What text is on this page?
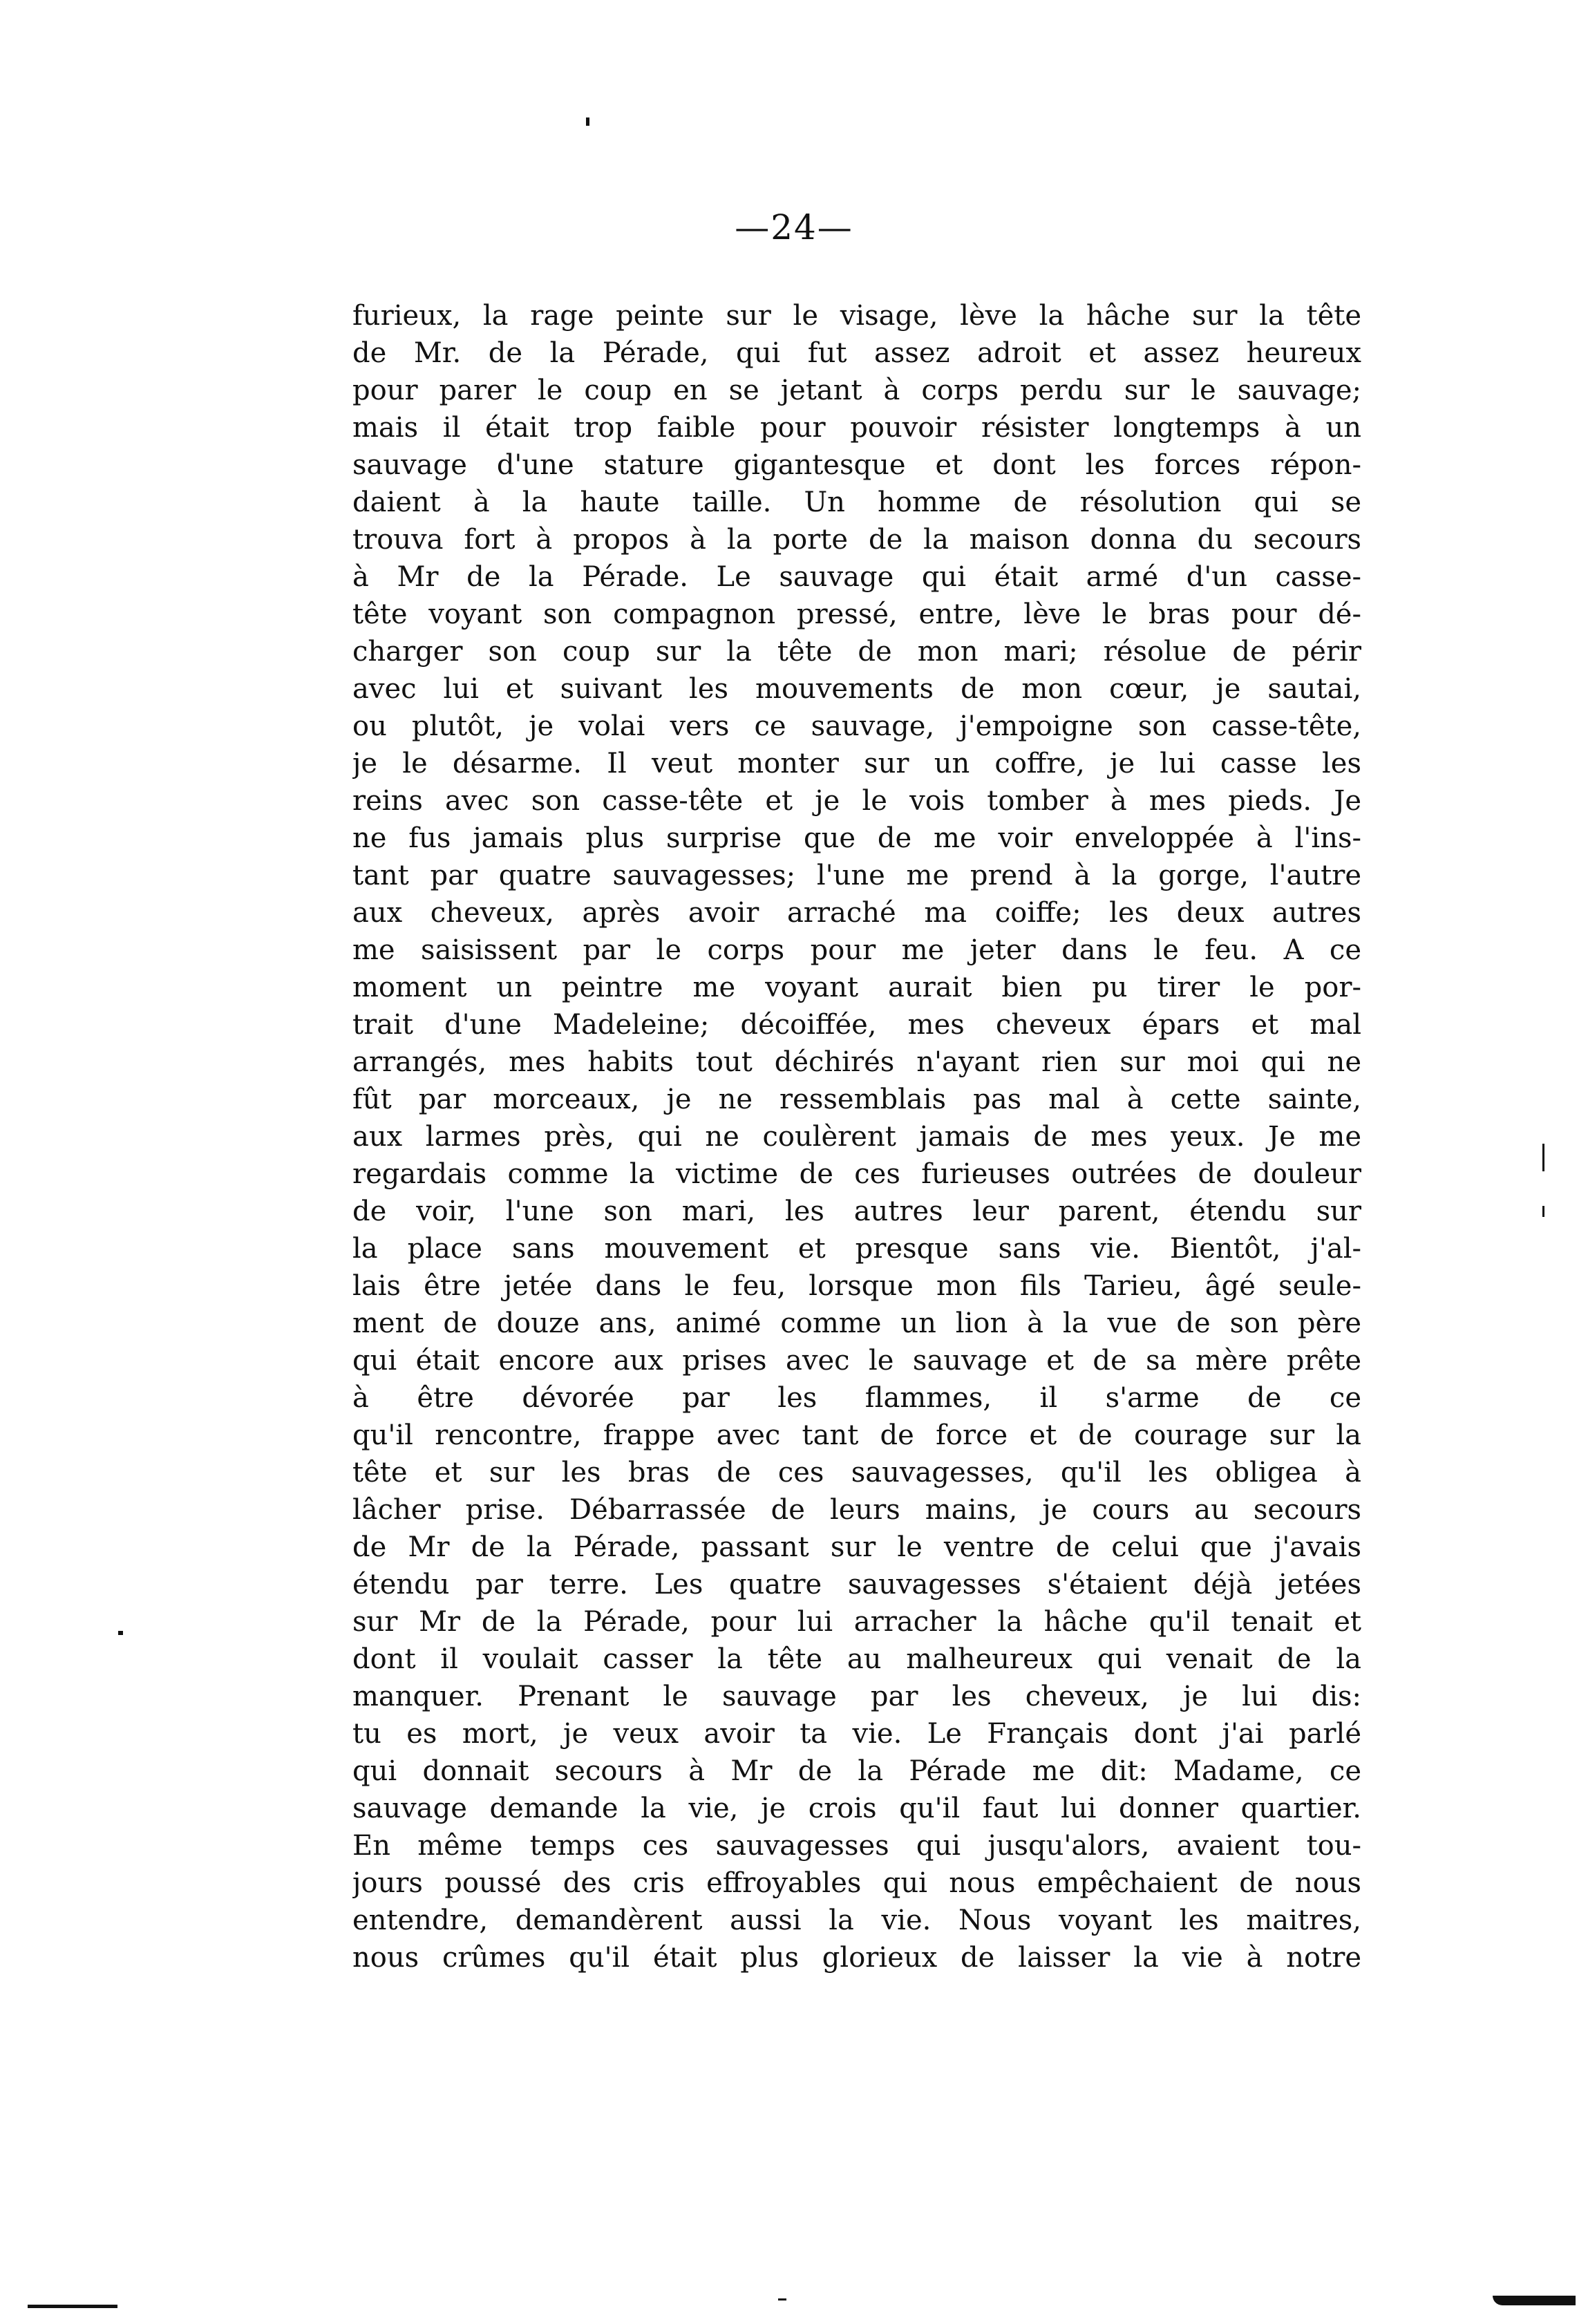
—24—
furieux, la rage peinte sur le visage, lève la hâche sur la tête
de Mr. de la Pérade, qui fut assez adroit et assez heureux
pour parer le coup en se jetant à corps perdu sur le sauvage;
mais il était trop faible pour pouvoir résister longtemps à un
sauvage d'une stature gigantesque et dont les forces répon-
daient à la haute taille. Un homme de résolution qui se
trouva fort à propos à la porte de la maison donna du secours
à Mr de la Pérade. Le sauvage qui était armé d'un casse-
tête voyant son compagnon pressé, entre, lève le bras pour dé-
charger son coup sur la tête de mon mari; résolue de périr
avec lui et suivant les mouvements de mon cœur, je sautai,
ou plutôt, je volai vers ce sauvage, j'empoigne son casse-tête,
je le désarme. Il veut monter sur un coffre, je lui casse les
reins avec son casse-tête et je le vois tomber à mes pieds. Je
ne fus jamais plus surprise que de me voir enveloppée à l'ins-
tant par quatre sauvagesses; l'une me prend à la gorge, l'autre
aux cheveux, après avoir arraché ma coiffe; les deux autres
me saisissent par le corps pour me jeter dans le feu. A ce
moment un peintre me voyant aurait bien pu tirer le por-
trait d'une Madeleine; décoiffée, mes cheveux épars et mal
arrangés, mes habits tout déchirés n'ayant rien sur moi qui ne
fût par morceaux, je ne ressemblais pas mal à cette sainte,
aux larmes près, qui ne coulèrent jamais de mes yeux. Je me
regardais comme la victime de ces furieuses outrées de douleur
de voir, l'une son mari, les autres leur parent, étendu sur
la place sans mouvement et presque sans vie. Bientôt, j'al-
lais être jetée dans le feu, lorsque mon fils Tarieu, âgé seule-
ment de douze ans, animé comme un lion à la vue de son père
qui était encore aux prises avec le sauvage et de sa mère prête
à être dévorée par les flammes, il s'arme de ce
qu'il rencontre, frappe avec tant de force et de courage sur la
tête et sur les bras de ces sauvagesses, qu'il les obligea à
lâcher prise. Débarrassée de leurs mains, je cours au secours
de Mr de la Pérade, passant sur le ventre de celui que j'avais
étendu par terre. Les quatre sauvagesses s'étaient déjà jetées
sur Mr de la Pérade, pour lui arracher la hâche qu'il tenait et
dont il voulait casser la tête au malheureux qui venait de la
manquer. Prenant le sauvage par les cheveux, je lui dis:
tu es mort, je veux avoir ta vie. Le Français dont j'ai parlé
qui donnait secours à Mr de la Pérade me dit: Madame, ce
sauvage demande la vie, je crois qu'il faut lui donner quartier.
En même temps ces sauvagesses qui jusqu'alors, avaient tou-
jours poussé des cris effroyables qui nous empêchaient de nous
entendre, demandèrent aussi la vie. Nous voyant les maitres,
nous crûmes qu'il était plus glorieux de laisser la vie à notre
